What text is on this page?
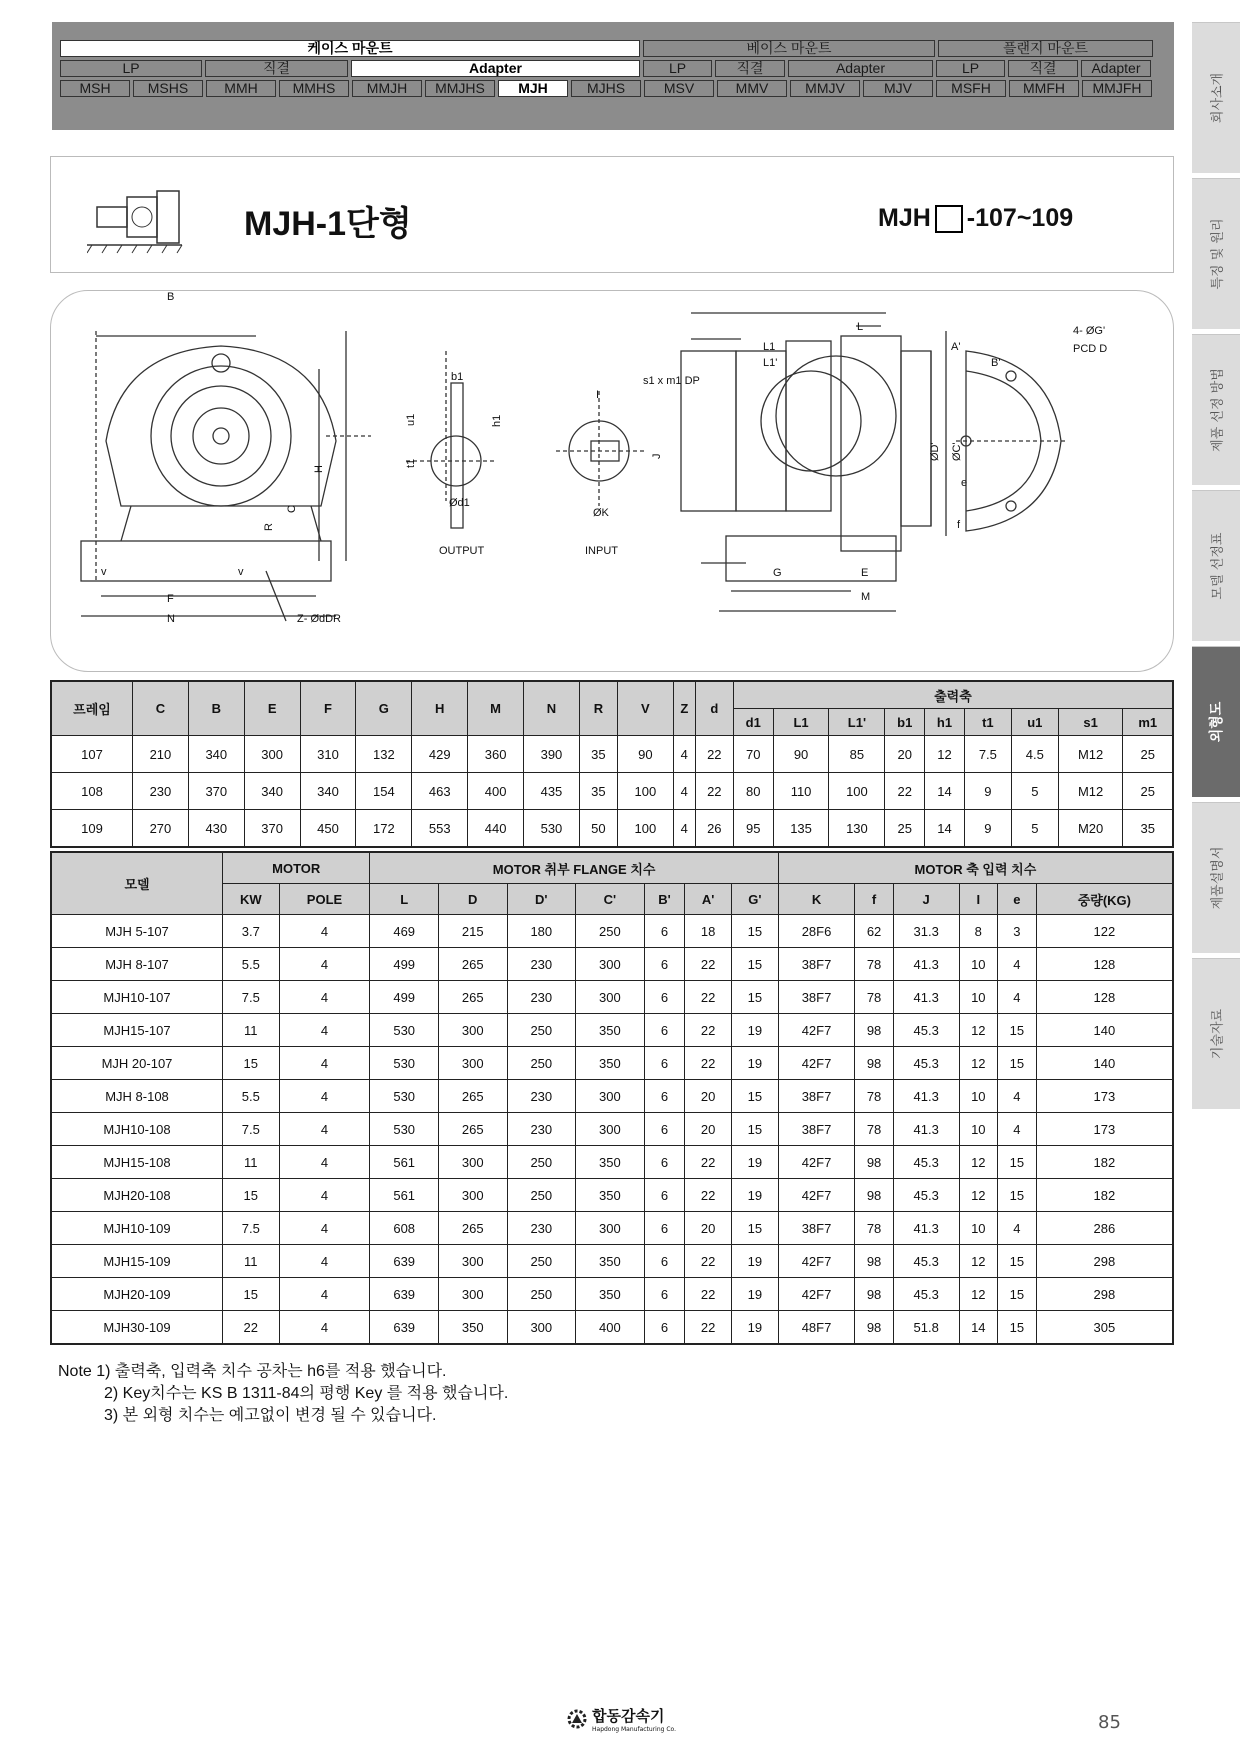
케이스 마운트	베이스 마운트	플랜지 마운트
LP	직결	Adapter	LP	직결	Adapter	LP	직결	Adapter
MSH	MSHS	MMH	MMHS	MMJH	MMJHS	MJH	MJHS	MSV	MMV	MMJV	MJV	MSFH	MMFH	MMJFH	회사소개
특징 및 원리
제품 선정 방법
모델 선정표
외형도
제품설명서
기술자료
MJH-1단형	MJH -107~109
B
H
C
R
v	v
F
N	Z- ØdDR
b1
u1	h1
t1
Ød1
OUTPUT
s1 x m1 DP
I
J
ØK
INPUT
L
L1
L1'
A'
B'
ØD' ØC'
e
f
G	E
M
4- ØG'
PCD D
프레임	C	B	E	F	G	H	M	N	R	V	Z	d	출력축								
													d1	L1	L1'	b1	h1	t1	u1	s1	m1
107	210	340	300	310	132	429	360	390	35	90	4	22	70	90	85	20	12	7.5	4.5	M12	25
108	230	370	340	340	154	463	400	435	35	100	4	22	80	110	100	22	14	9	5	M12	25
109	270	430	370	450	172	553	440	530	50	100	4	26	95	135	130	25	14	9	5	M20	35
모델	MOTOR		MOTOR 취부 FLANGE 치수							MOTOR 축 입력 치수					
	KW	POLE	L	D	D'	C'	B'	A'	G'	K	f	J	I	e	중량(KG)
MJH 5-107	3.7	4	469	215	180	250	6	18	15	28F6	62	31.3	8	3	122
MJH 8-107	5.5	4	499	265	230	300	6	22	15	38F7	78	41.3	10	4	128
MJH10-107	7.5	4	499	265	230	300	6	22	15	38F7	78	41.3	10	4	128
MJH15-107	11	4	530	300	250	350	6	22	19	42F7	98	45.3	12	15	140
MJH 20-107	15	4	530	300	250	350	6	22	19	42F7	98	45.3	12	15	140
MJH 8-108	5.5	4	530	265	230	300	6	20	15	38F7	78	41.3	10	4	173
MJH10-108	7.5	4	530	265	230	300	6	20	15	38F7	78	41.3	10	4	173
MJH15-108	11	4	561	300	250	350	6	22	19	42F7	98	45.3	12	15	182
MJH20-108	15	4	561	300	250	350	6	22	19	42F7	98	45.3	12	15	182
MJH10-109	7.5	4	608	265	230	300	6	20	15	38F7	78	41.3	10	4	286
MJH15-109	11	4	639	300	250	350	6	22	19	42F7	98	45.3	12	15	298
MJH20-109	15	4	639	300	250	350	6	22	19	42F7	98	45.3	12	15	298
MJH30-109	22	4	639	350	300	400	6	22	19	48F7	98	51.8	14	15	305
Note 1) 출력축, 입력축 치수 공차는 h6를 적용 했습니다.
2) Key치수는 KS B 1311-84의 평행 Key 를 적용 했습니다.
3) 본 외형 치수는 예고없이 변경 될 수 있습니다.
합동감속기
Hapdong Manufacturing Co.	85
